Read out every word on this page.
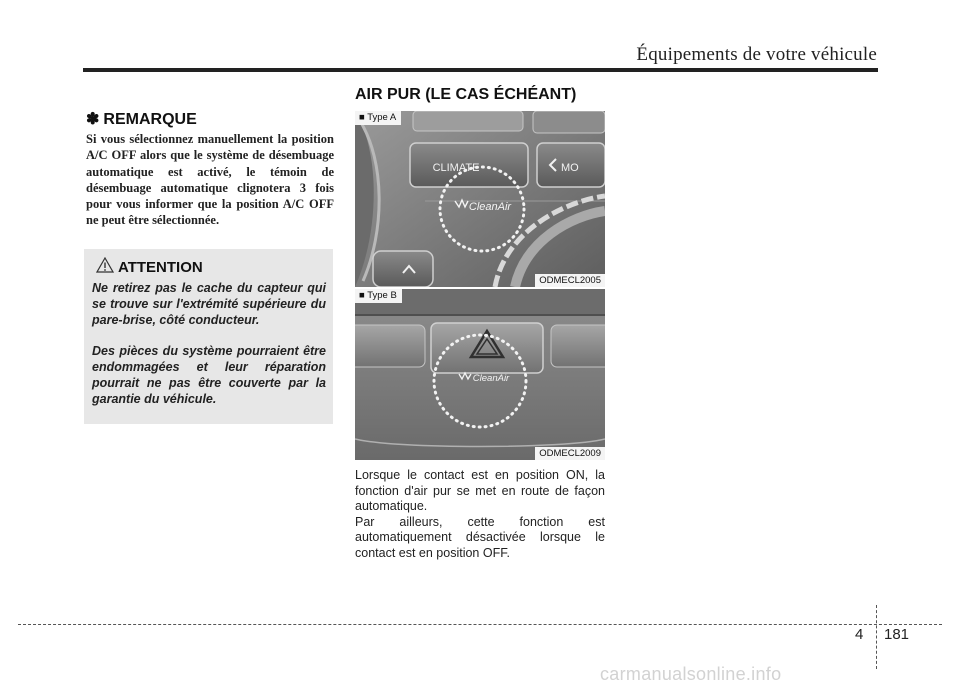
Équipements de votre véhicule
AIR PUR (LE CAS ÉCHÉANT)
✽ REMARQUE
Si vous sélectionnez manuellement la position A/C OFF alors que le système de désembuage automatique est activé, le témoin de désembuage automatique clignotera 3 fois pour vous informer que la position A/C OFF ne peut être sélectionnée.
ATTENTION
Ne retirez pas le cache du capteur qui se trouve sur l'extrémité supérieure du pare-brise, côté conducteur.
Des pièces du système pourraient être endommagées et leur réparation pourrait ne pas être couverte par la garantie du véhicule.
CLIMATE	MO
CleanAir
■ Type A
ODMECL2005
CleanAir
■ Type B
ODMECL2009

Lorsque le contact est en position ON, la fonction d'air pur se met en route de façon automatique.

Par ailleurs, cette fonction est automatiquement désactivée lorsque le contact est en position OFF.

4 181
carmanualsonline.info
